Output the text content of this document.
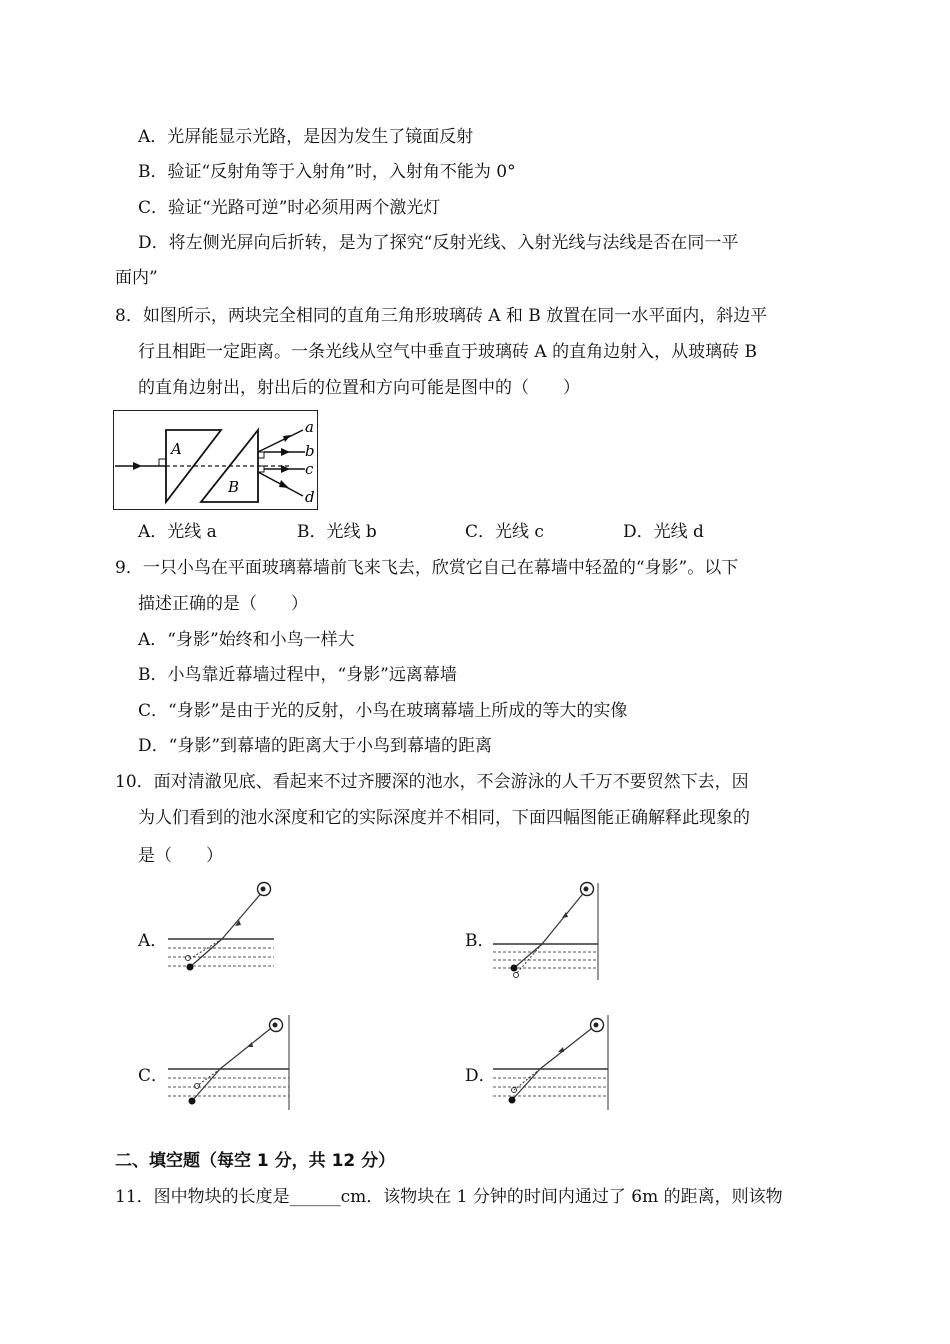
A．光屏能显示光路，是因为发生了镜面反射
B．验证“反射角等于入射角”时，入射角不能为 0°
C．验证“光路可逆”时必须用两个激光灯
D．将左侧光屏向后折转，是为了探究“反射光线、入射光线与法线是否在同一平
面内”
8．如图所示，两块完全相同的直角三角形玻璃砖 A 和 B 放置在同一水平面内，斜边平
行且相距一定距离。一条光线从空气中垂直于玻璃砖 A 的直角边射入，从玻璃砖 B
的直角边射出，射出后的位置和方向可能是图中的（　　）
A
B
a
b
c
d
A．光线 a	B．光线 b	C．光线 c	D．光线 d
9．一只小鸟在平面玻璃幕墙前飞来飞去，欣赏它自己在幕墙中轻盈的“身影”。以下
描述正确的是（　　）
A．“身影”始终和小鸟一样大
B．小鸟靠近幕墙过程中，“身影”远离幕墙
C．“身影”是由于光的反射，小鸟在玻璃幕墙上所成的等大的实像
D．“身影”到幕墙的距离大于小鸟到幕墙的距离
10．面对清澈见底、看起来不过齐腰深的池水，不会游泳的人千万不要贸然下去，因
为人们看到的池水深度和它的实际深度并不相同，下面四幅图能正确解释此现象的
是（　　）
A．	B．
C．	D．
二、填空题（每空 1 分，共 12 分）
11．图中物块的长度是______cm．该物块在 1 分钟的时间内通过了 6m 的距离，则该物
